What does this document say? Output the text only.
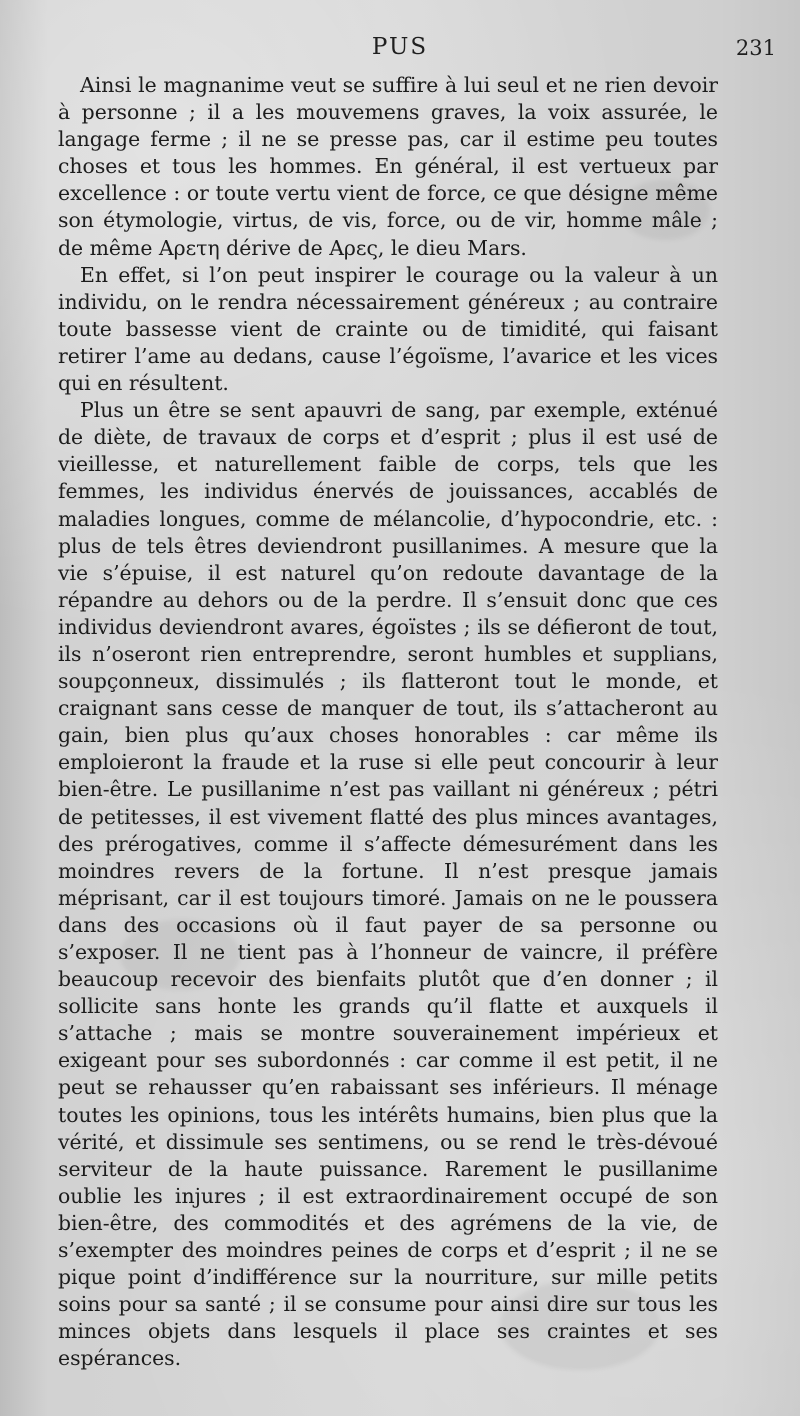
PUS	231

Ainsi le magnanime veut se suffire à lui seul et ne rien devoir à personne ; il a les mouvemens graves, la voix assurée, le langage ferme ; il ne se presse pas, car il estime peu toutes choses et tous les hommes. En général, il est vertueux par excellence : or toute vertu vient de force, ce que désigne même son étymologie, virtus, de vis, force, ou de vir, homme mâle ; de même Αρετη dérive de Αρες, le dieu Mars.

En effet, si l’on peut inspirer le courage ou la valeur à un individu, on le rendra nécessairement généreux ; au contraire toute bassesse vient de crainte ou de timidité, qui faisant retirer l’ame au dedans, cause l’égoïsme, l’avarice et les vices qui en résultent.

Plus un être se sent apauvri de sang, par exemple, exténué de diète, de travaux de corps et d’esprit ; plus il est usé de vieillesse, et naturellement faible de corps, tels que les femmes, les individus énervés de jouissances, accablés de maladies longues, comme de mélancolie, d’hypocondrie, etc. : plus de tels êtres deviendront pusillanimes. A mesure que la vie s’épuise, il est naturel qu’on redoute davantage de la répandre au dehors ou de la perdre. Il s’ensuit donc que ces individus deviendront avares, égoïstes ; ils se défieront de tout, ils n’oseront rien entreprendre, seront humbles et supplians, soupçonneux, dissimulés ; ils flatteront tout le monde, et craignant sans cesse de manquer de tout, ils s’attacheront au gain, bien plus qu’aux choses honorables : car même ils emploieront la fraude et la ruse si elle peut concourir à leur bien-être. Le pusillanime n’est pas vaillant ni généreux ; pétri de petitesses, il est vivement flatté des plus minces avantages, des prérogatives, comme il s’affecte démesurément dans les moindres revers de la fortune. Il n’est presque jamais méprisant, car il est toujours timoré. Jamais on ne le poussera dans des occasions où il faut payer de sa personne ou s’exposer. Il ne tient pas à l’honneur de vaincre, il préfère beaucoup recevoir des bienfaits plutôt que d’en donner ; il sollicite sans honte les grands qu’il flatte et auxquels il s’attache ; mais se montre souverainement impérieux et exigeant pour ses subordonnés : car comme il est petit, il ne peut se rehausser qu’en rabaissant ses inférieurs. Il ménage toutes les opinions, tous les intérêts humains, bien plus que la vérité, et dissimule ses sentimens, ou se rend le très-dévoué serviteur de la haute puissance. Rarement le pusillanime oublie les injures ; il est extraordinairement occupé de son bien-être, des commodités et des agrémens de la vie, de s’exempter des moindres peines de corps et d’esprit ; il ne se pique point d’indifférence sur la nourriture, sur mille petits soins pour sa santé ; il se consume pour ainsi dire sur tous les minces objets dans lesquels il place ses craintes et ses espérances.
